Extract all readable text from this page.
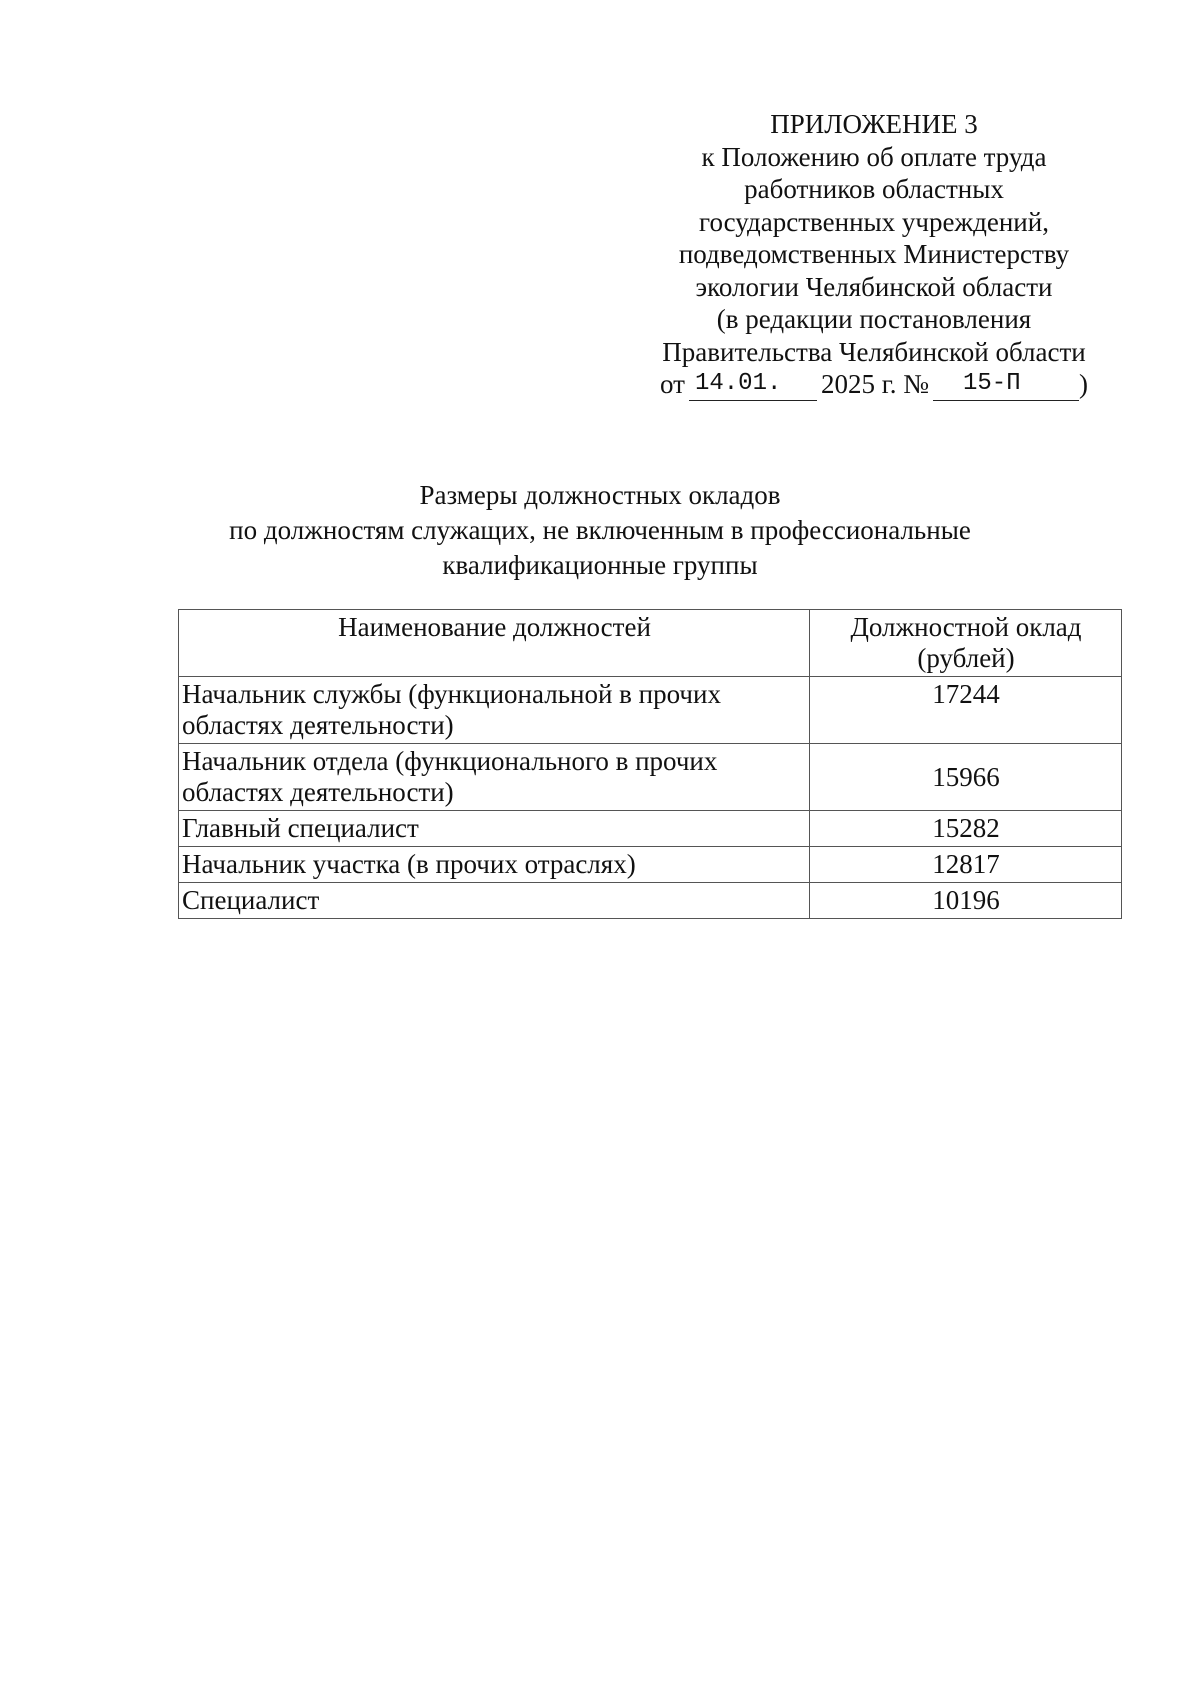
ПРИЛОЖЕНИЕ 3
к Положению об оплате труда
работников областных
государственных учреждений,
подведомственных Министерству
экологии Челябинской области
(в редакции постановления
Правительства Челябинской области
от 14.01.	2025 г. №	15-П	)
Размеры должностных окладов
по должностям служащих, не включенным в профессиональные
квалификационные группы
Наименование должностей	Должностной оклад (рублей)
Начальник службы (функциональной в прочих областях деятельности)	17244
Начальник отдела (функционального в прочих областях деятельности)	15966
Главный специалист	15282
Начальник участка (в прочих отраслях)	12817
Специалист	10196
